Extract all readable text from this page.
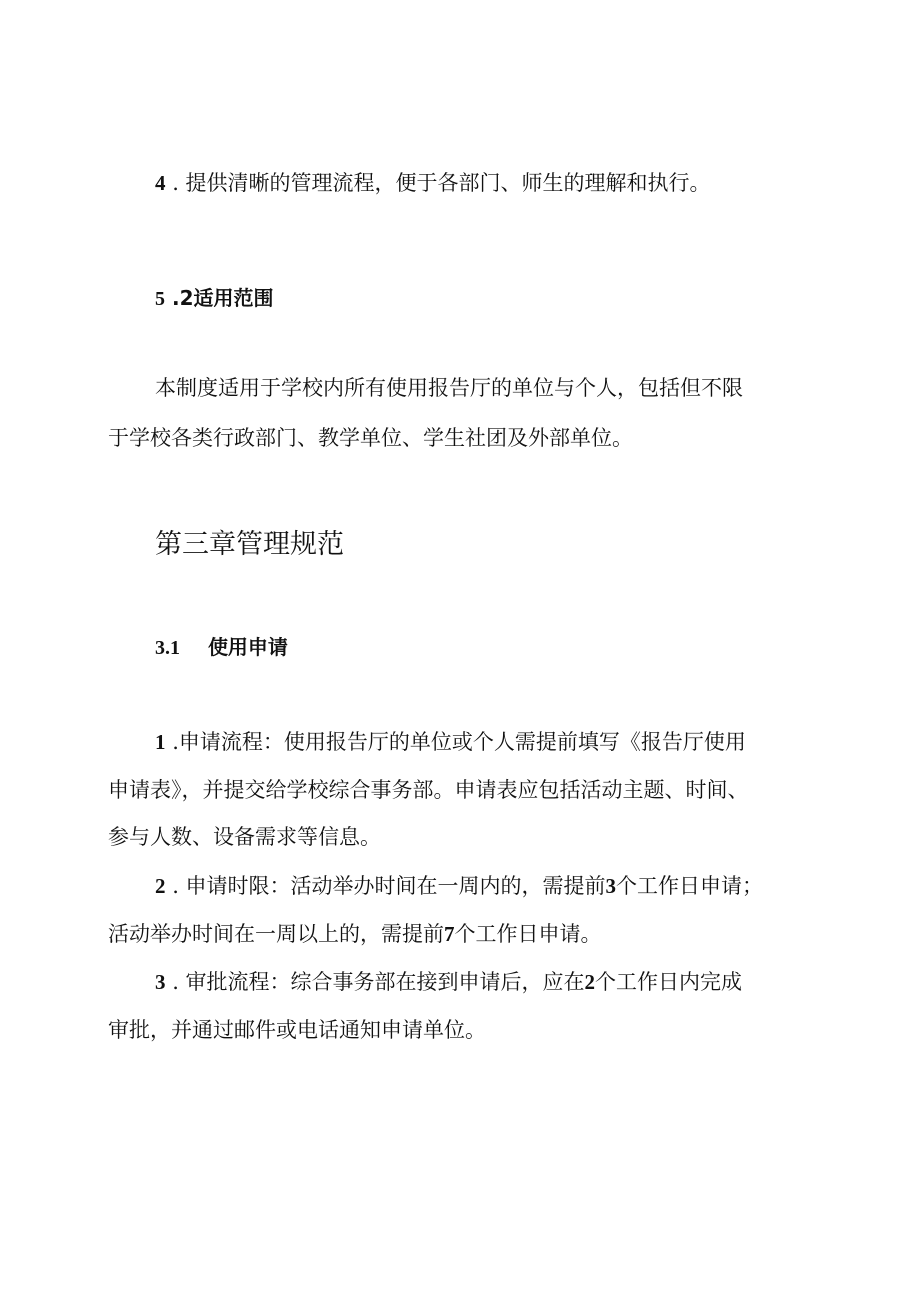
4 . 提供清晰的管理流程，便于各部门、师生的理解和执行。
5 .2适用范围
本制度适用于学校内所有使用报告厅的单位与个人，包括但不限
于学校各类行政部门、教学单位、学生社团及外部单位。
第三章管理规范
3.1 使用申请
1 .申请流程：使用报告厅的单位或个人需提前填写《报告厅使用
申请表》，并提交给学校综合事务部。申请表应包括活动主题、时间、
参与人数、设备需求等信息。
2 . 申请时限：活动举办时间在一周内的，需提前3个工作日申请；
活动举办时间在一周以上的，需提前7个工作日申请。
3 . 审批流程：综合事务部在接到申请后，应在2个工作日内完成
审批，并通过邮件或电话通知申请单位。
